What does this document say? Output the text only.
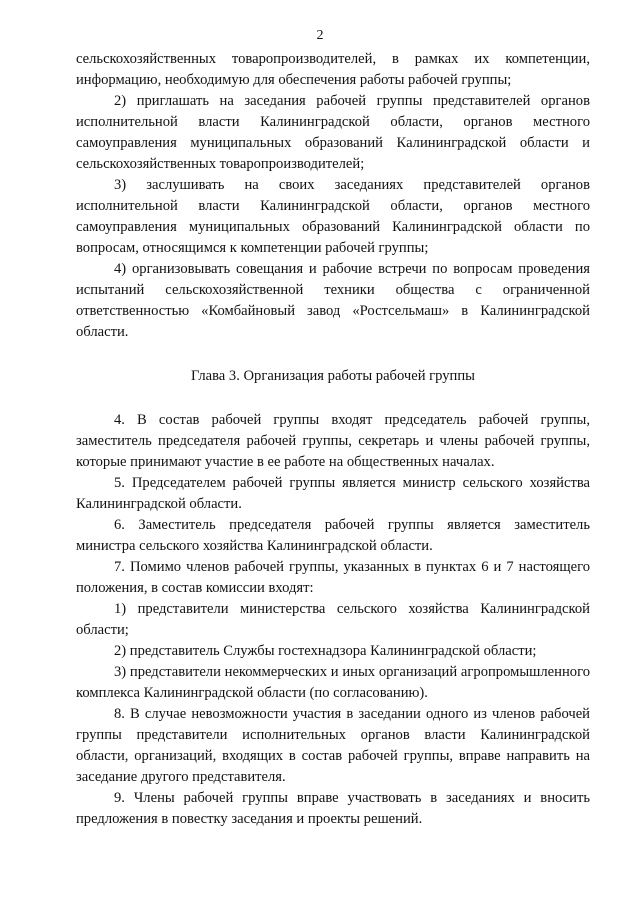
2

сельскохозяйственных товаропроизводителей, в рамках их компетенции, информацию, необходимую для обеспечения работы рабочей группы;

2) приглашать на заседания рабочей группы представителей органов исполнительной власти Калининградской области, органов местного самоуправления муниципальных образований Калининградской области и сельскохозяйственных товаропроизводителей;

3) заслушивать на своих заседаниях представителей органов исполнительной власти Калининградской области, органов местного самоуправления муниципальных образований Калининградской области по вопросам, относящимся к компетенции рабочей группы;

4) организовывать совещания и рабочие встречи по вопросам проведения испытаний сельскохозяйственной техники общества с ограниченной ответственностью «Комбайновый завод «Ростсельмаш» в Калининградской области.

Глава 3. Организация работы рабочей группы

4. В состав рабочей группы входят председатель рабочей группы, заместитель председателя рабочей группы, секретарь и члены рабочей группы, которые принимают участие в ее работе на общественных началах.

5. Председателем рабочей группы является министр сельского хозяйства Калининградской области.

6. Заместитель председателя рабочей группы является заместитель министра сельского хозяйства Калининградской области.

7. Помимо членов рабочей группы, указанных в пунктах 6 и 7 настоящего положения, в состав комиссии входят:

1) представители министерства сельского хозяйства Калининградской области;

2) представитель Службы гостехнадзора Калининградской области;

3) представители некоммерческих и иных организаций агропромышленного комплекса Калининградской области (по согласованию).

8. В случае невозможности участия в заседании одного из членов рабочей группы представители исполнительных органов власти Калининградской области, организаций, входящих в состав рабочей группы, вправе направить на заседание другого представителя.

9. Члены рабочей группы вправе участвовать в заседаниях и вносить предложения в повестку заседания и проекты решений.
